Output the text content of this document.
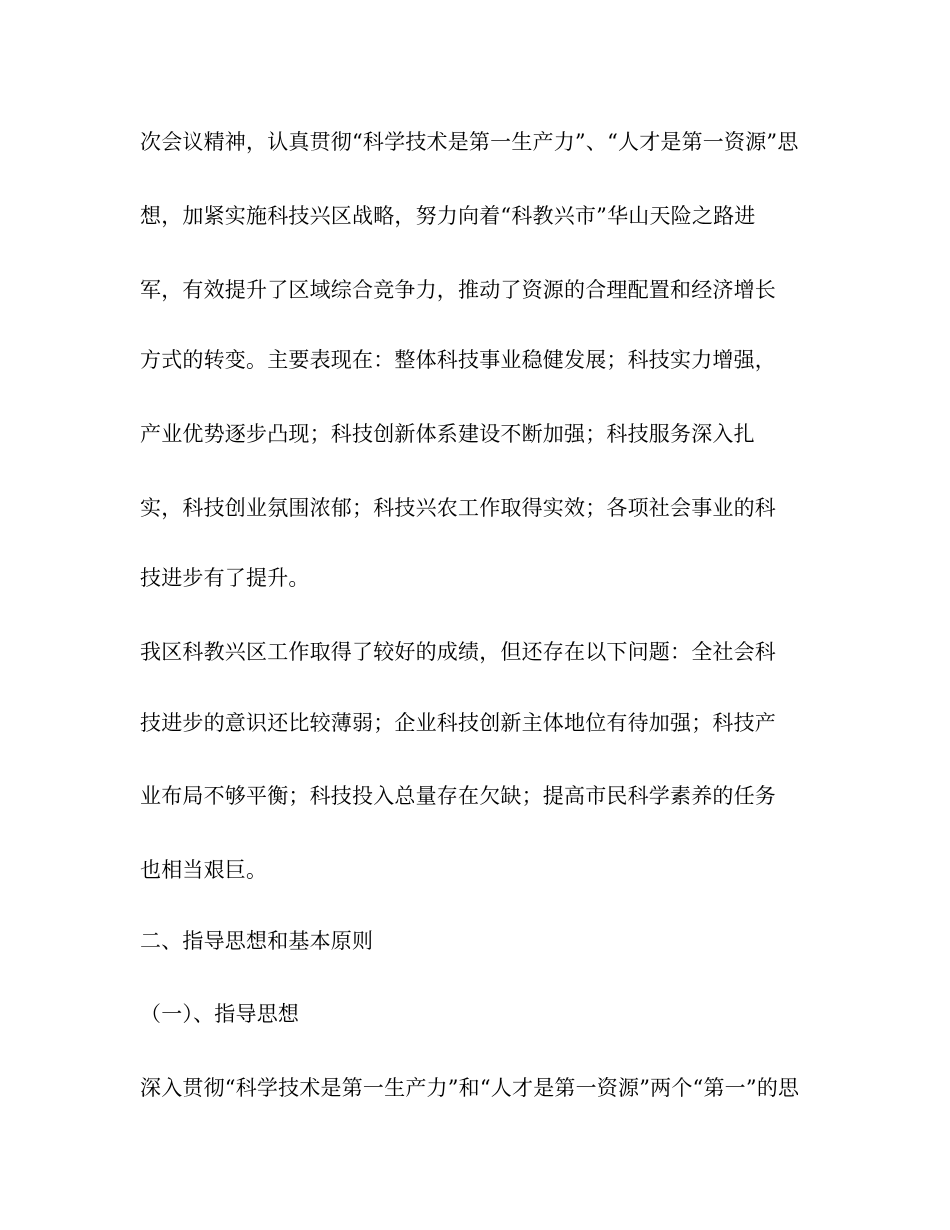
次会议精神，认真贯彻“科学技术是第一生产力”、“人才是第一资源”思
想，加紧实施科技兴区战略，努力向着“科教兴市”华山天险之路进
军，有效提升了区域综合竞争力，推动了资源的合理配置和经济增长
方式的转变。主要表现在：整体科技事业稳健发展；科技实力增强，
产业优势逐步凸现；科技创新体系建设不断加强；科技服务深入扎
实，科技创业氛围浓郁；科技兴农工作取得实效；各项社会事业的科
技进步有了提升。
我区科教兴区工作取得了较好的成绩，但还存在以下问题：全社会科
技进步的意识还比较薄弱；企业科技创新主体地位有待加强；科技产
业布局不够平衡；科技投入总量存在欠缺；提高市民科学素养的任务
也相当艰巨。
二、指导思想和基本原则
（一）、指导思想
深入贯彻“科学技术是第一生产力”和“人才是第一资源”两个“第一”的思
